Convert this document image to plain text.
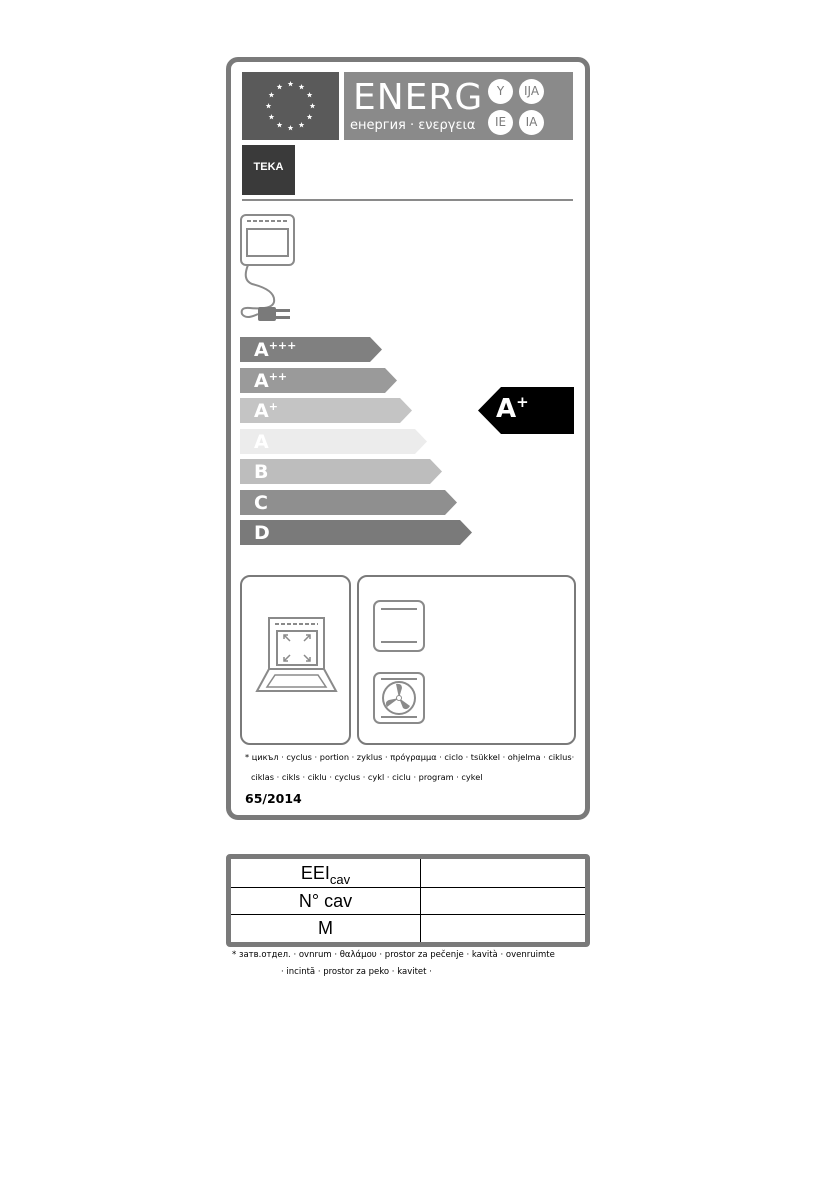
ENERG
енергия · ενεργεια
Y	IJA
IE	IA
TEKA
A+++
A++
A+
A
B
C
D
A+
* цикъл · cyclus · portion · zyklus · πρόγραμμα · ciclo · tsükkel · ohjelma · ciklus·
ciklas · cikls · ciklu · cyclus · cykl · ciclu · program · cykel
65/2014
$EEI_{cav}$
N° cav
M
* затв.отдел. · ovnrum · θαλάμου · prostor za pečenje · kavità · ovenruimte
· incintă · prostor za peko · kavitet ·
